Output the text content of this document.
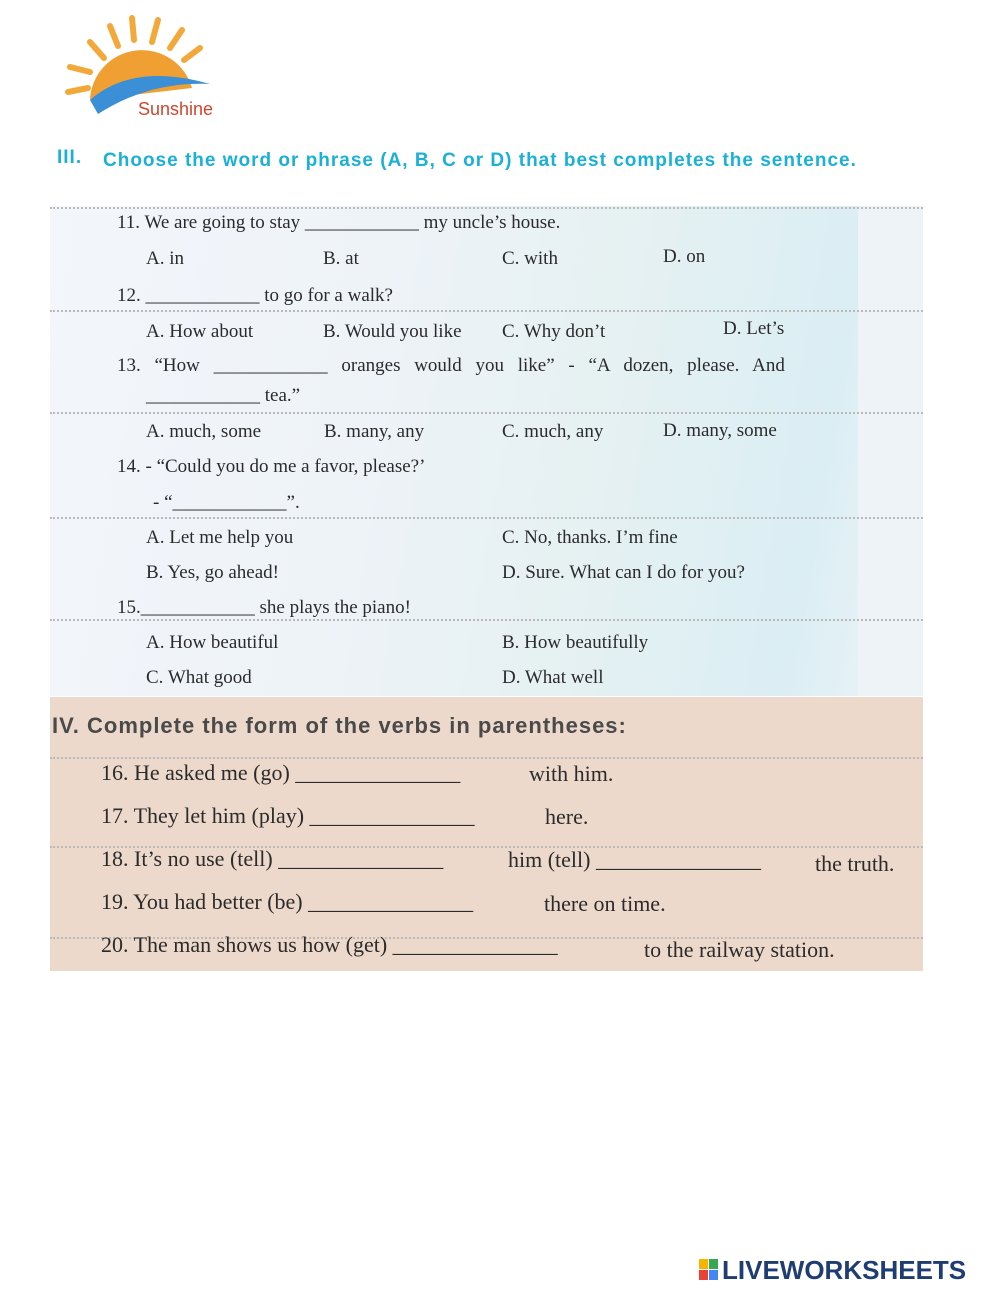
Sunshine
III. Choose the word or phrase (A, B, C or D) that best completes the sentence.
11. We are going to stay ____________ my uncle’s house.
A. in	B. at	C. with	D. on
12. ____________ to go for a walk?
A. How about	B. Would you like C. Why don’t	D. Let’s
13. “How ____________ oranges would you like” - “A dozen, please. And
____________ tea.”
A. much, some	B. many, any	C. much, any	D. many, some
14. - “Could you do me a favor, please?’
- “____________”.
A. Let me help you	C. No, thanks. I’m fine
B. Yes, go ahead!	D. Sure. What can I do for you?
15.____________ she plays the piano!
A. How beautiful	B. How beautifully
C. What good	D. What well
IV. Complete the form of the verbs in parentheses:
16. He asked me (go) _______________	with him.
17. They let him (play) _______________	here.
18. It’s no use (tell) _______________	him (tell) _______________ the truth.
19. You had better (be) _______________	there on time.
20. The man shows us how (get) _______________	to the railway station.
LIVEWORKSHEETS
